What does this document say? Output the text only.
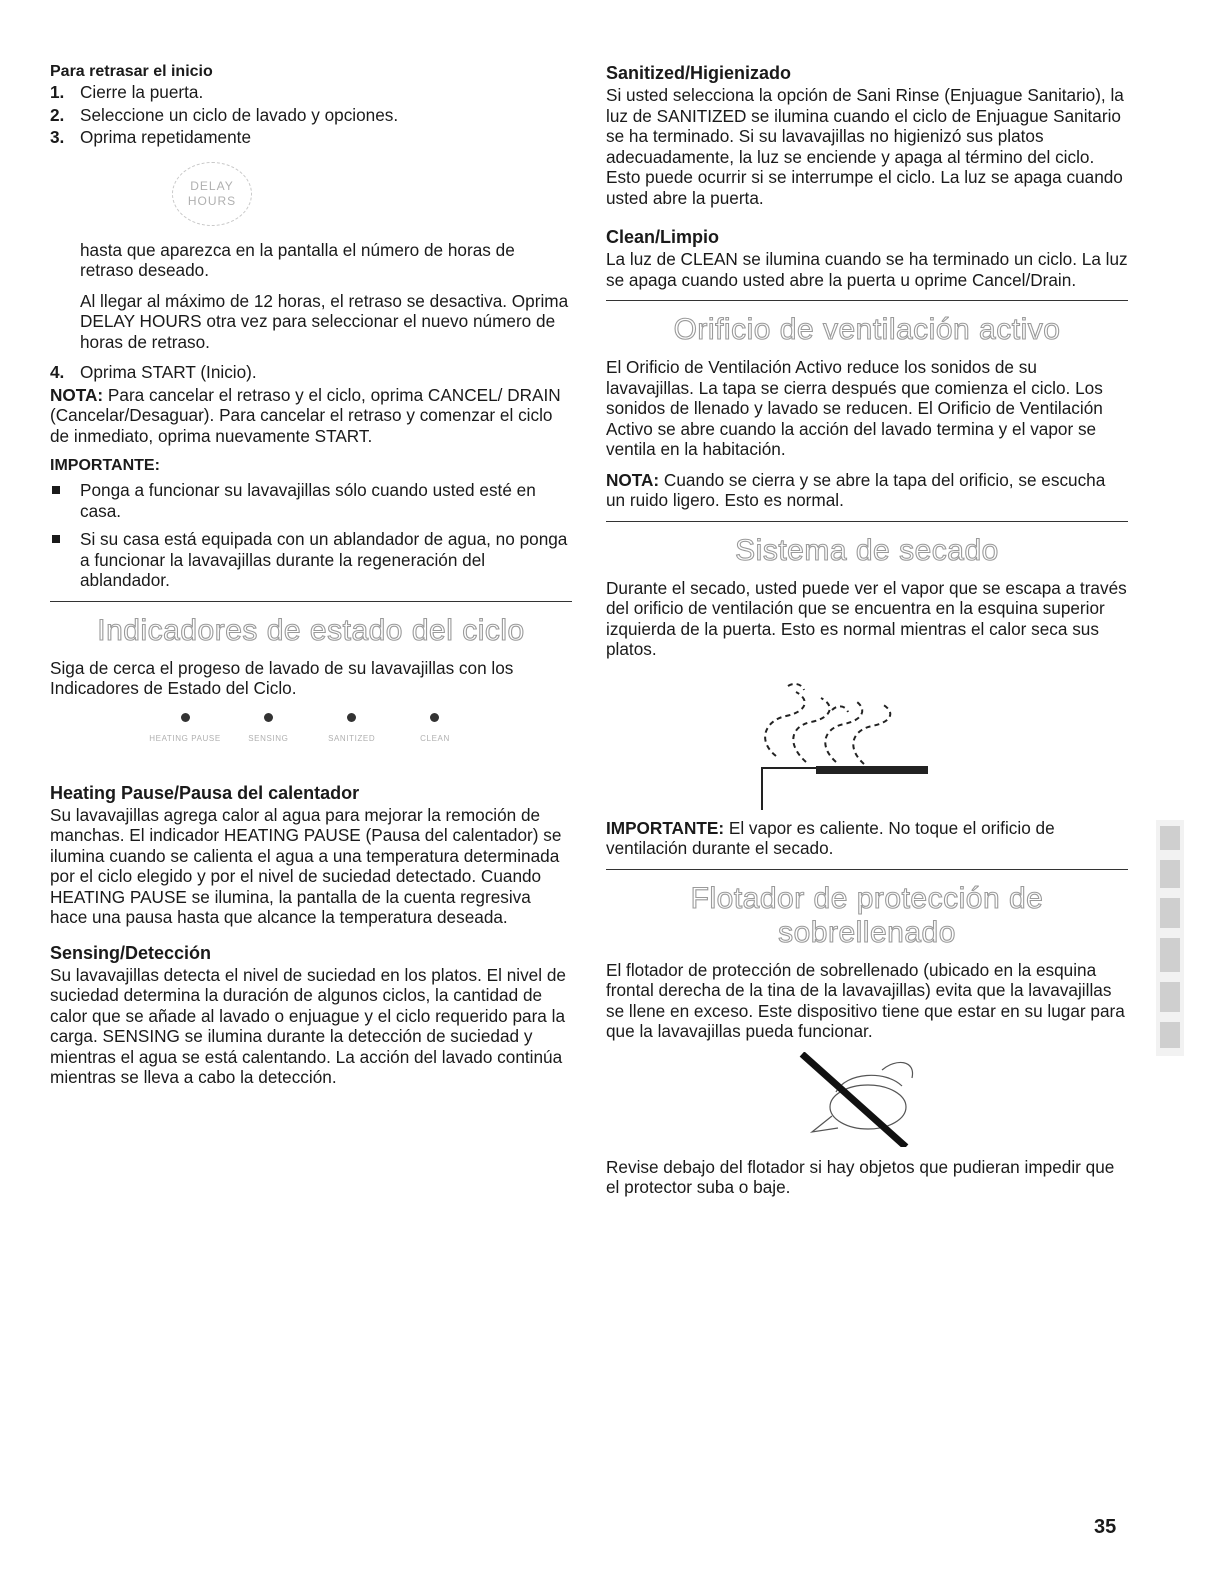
Para retrasar el inicio
1. Cierre la puerta.
2. Seleccione un ciclo de lavado y opciones.
3. Oprima repetidamente
DELAY
HOURS

hasta que aparezca en la pantalla el número de horas de retraso deseado.

Al llegar al máximo de 12 horas, el retraso se desactiva. Oprima DELAY HOURS otra vez para seleccionar el nuevo número de horas de retraso.

4. Oprima START (Inicio).

NOTA: Para cancelar el retraso y el ciclo, oprima CANCEL/ DRAIN (Cancelar/Desaguar). Para cancelar el retraso y comenzar el ciclo de inmediato, oprima nuevamente START.

IMPORTANTE:
Ponga a funcionar su lavavajillas sólo cuando usted esté en casa.
Si su casa está equipada con un ablandador de agua, no ponga a funcionar la lavavajillas durante la regeneración del ablandador.
Indicadores de estado del ciclo

Siga de cerca el progeso de lavado de su lavavajillas con los Indicadores de Estado del Ciclo.

HEATING PAUSE	SENSING	SANITIZED	CLEAN
Heating Pause/Pausa del calentador

Su lavavajillas agrega calor al agua para mejorar la remoción de manchas. El indicador HEATING PAUSE (Pausa del calentador) se ilumina cuando se calienta el agua a una temperatura determinada por el ciclo elegido y por el nivel de suciedad detectado. Cuando HEATING PAUSE se ilumina, la pantalla de la cuenta regresiva hace una pausa hasta que alcance la temperatura deseada.

Sensing/Detección

Su lavavajillas detecta el nivel de suciedad en los platos. El nivel de suciedad determina la duración de algunos ciclos, la cantidad de calor que se añade al lavado o enjuague y el ciclo requerido para la carga. SENSING se ilumina durante la detección de suciedad y mientras el agua se está calentando. La acción del lavado continúa mientras se lleva a cabo la detección.

Sanitized/Higienizado

Si usted selecciona la opción de Sani Rinse (Enjuague Sanitario), la luz de SANITIZED se ilumina cuando el ciclo de Enjuague Sanitario se ha terminado. Si su lavavajillas no higienizó sus platos adecuadamente, la luz se enciende y apaga al término del ciclo. Esto puede ocurrir si se interrumpe el ciclo. La luz se apaga cuando usted abre la puerta.

Clean/Limpio

La luz de CLEAN se ilumina cuando se ha terminado un ciclo. La luz se apaga cuando usted abre la puerta u oprime Cancel/Drain.

Orificio de ventilación activo

El Orificio de Ventilación Activo reduce los sonidos de su lavavajillas. La tapa se cierra después que comienza el ciclo. Los sonidos de llenado y lavado se reducen. El Orificio de Ventilación Activo se abre cuando la acción del lavado termina y el vapor se ventila en la habitación.

NOTA: Cuando se cierra y se abre la tapa del orificio, se escucha un ruido ligero. Esto es normal.

Sistema de secado

Durante el secado, usted puede ver el vapor que se escapa a través del orificio de ventilación que se encuentra en la esquina superior izquierda de la puerta. Esto es normal mientras el calor seca sus platos.

IMPORTANTE: El vapor es caliente. No toque el orificio de ventilación durante el secado.

Flotador de protección de
sobrellenado

El flotador de protección de sobrellenado (ubicado en la esquina frontal derecha de la tina de la lavavajillas) evita que la lavavajillas se llene en exceso. Este dispositivo tiene que estar en su lugar para que la lavavajillas pueda funcionar.

Revise debajo del flotador si hay objetos que pudieran impedir que el protector suba o baje.

35
